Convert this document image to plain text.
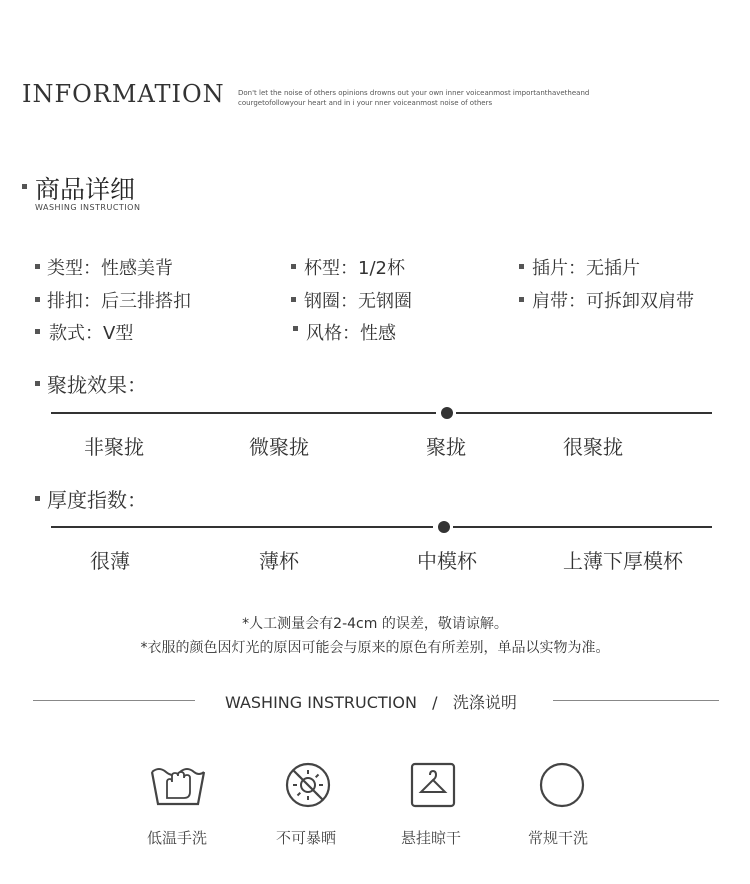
INFORMATION Don't let the noise of others opinions drowns out your own inner voiceanmost importanthavetheand
courgetofollowyour heart and in i your nner voiceanmost noise of others
商品详细
WASHING INSTRUCTION
类型：性感美背	杯型：1/2杯	插片：无插片
排扣：后三排搭扣	钢圈：无钢圈	肩带：可拆卸双肩带
款式：V型	风格：性感
聚拢效果：
非聚拢	微聚拢	聚拢	很聚拢
厚度指数：
很薄	薄杯	中模杯	上薄下厚模杯
*人工测量会有2-4cm 的误差，敬请谅解。
*衣服的颜色因灯光的原因可能会与原来的原色有所差别，单品以实物为准。
WASHING INSTRUCTION   /   洗涤说明
低温手洗	不可暴晒	悬挂晾干	常规干洗
